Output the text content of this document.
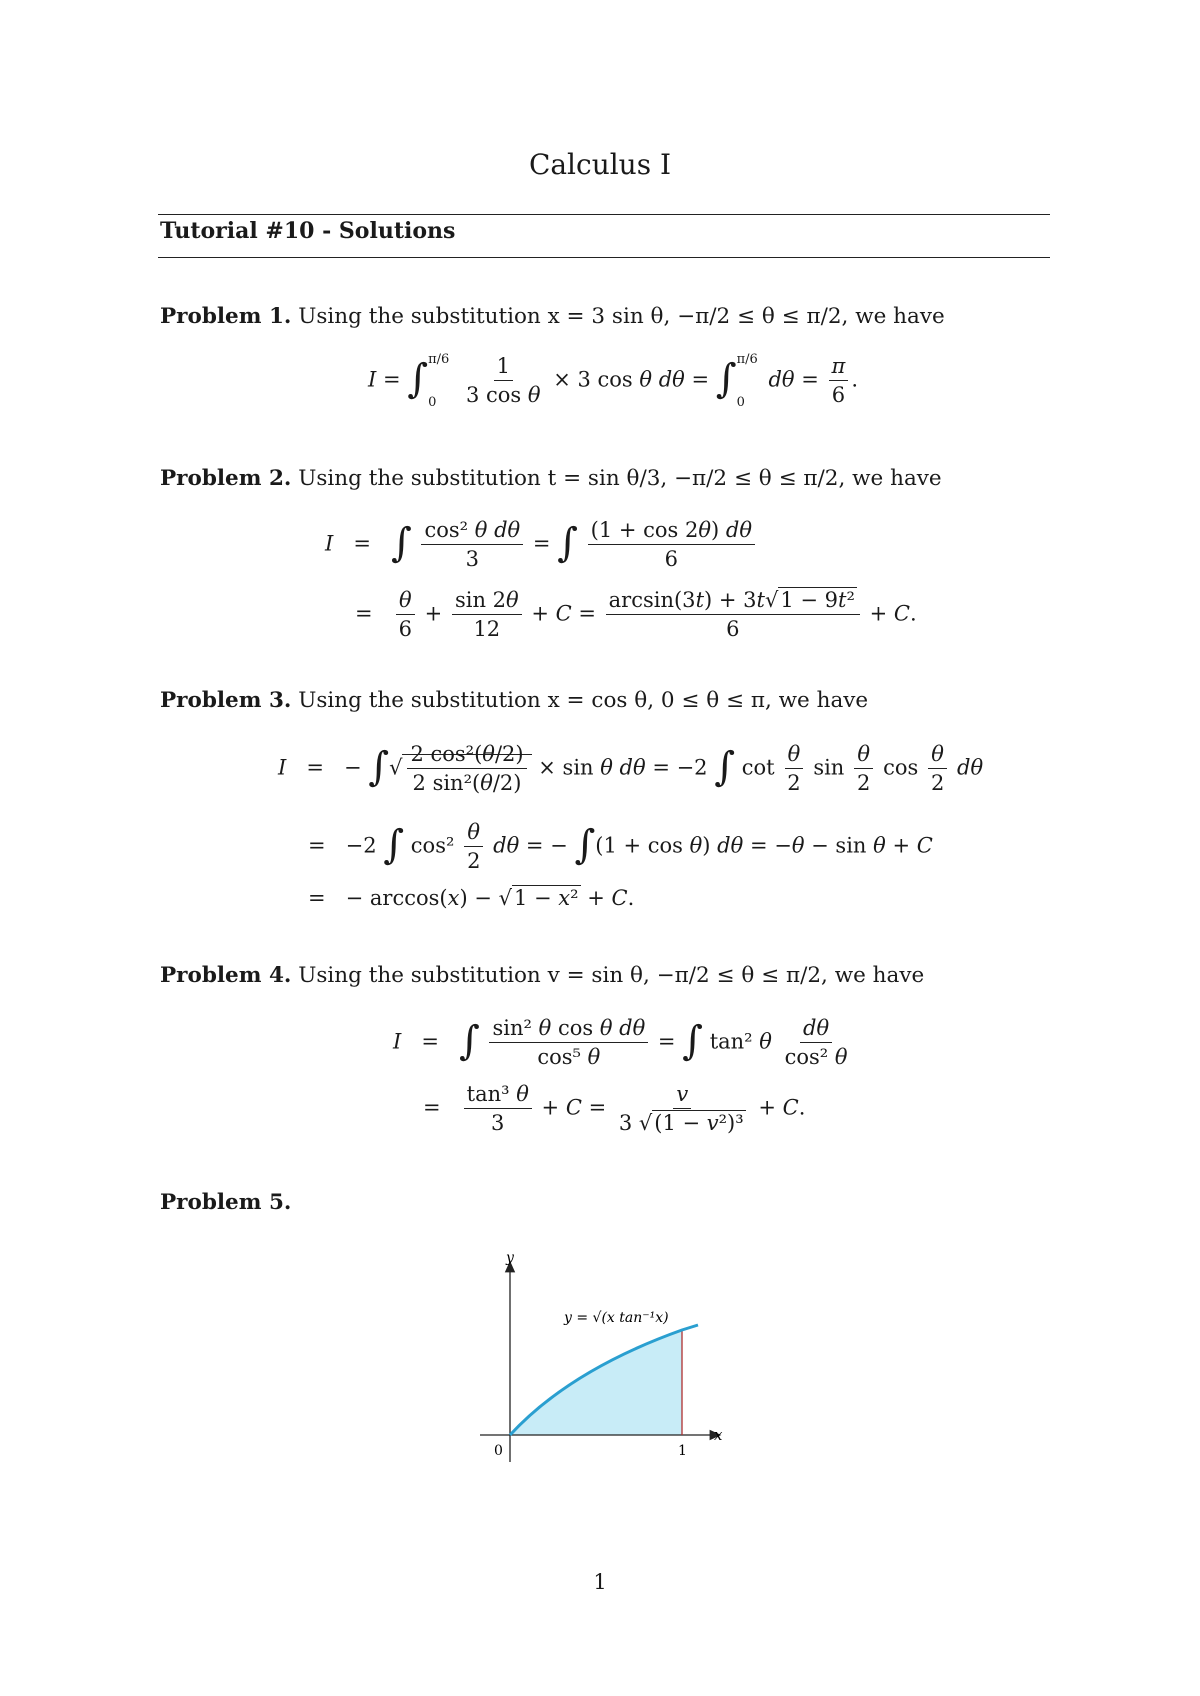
Calculus I
Tutorial #10 - Solutions
Problem 1. Using the substitution x = 3 sin θ, −π/2 ≤ θ ≤ π/2, we have
I = ∫ π/6
0
	$\frac{1}{\text{3 cos θ}} \times 3$ cos θ dθ = ∫ π/6
0
$d\theta = \frac{\pi}{6}$ .
Problem 2. Using the substitution t = sin θ/3, −π/2 ≤ θ ≤ π/2, we have
I   =   ∫ $\frac{\text{cos² θ dθ}}{3}$ = ∫ $\frac{(1 + \cos 2\theta) d\theta}{6}$
= $\frac{\theta}{6} + \frac{\sin 2\theta}{12} + C = \frac{\text{arcsin(3t) + 3t√1 − 9t²}}{6} + C$.
Problem 3. Using the substitution x = cos θ, 0 ≤ θ ≤ π, we have
I   =   − ∫√ $\frac{\text{2 cos²(θ/2)}}{\text{2 sin²(θ/2)}} \times \sin \theta$ dθ = −2 ∫ $\cot \frac{\theta}{2}$ $\sin \frac{\theta}{2}$ $\cos \frac{\theta}{2}$ dθ
=   −2 ∫ $\cos^2 \frac{\theta}{2}$ dθ = − ∫(1 + cos θ) dθ = −θ − sin θ + C
=   − arccos(x) − √1 − x² + C.
Problem 4. Using the substitution v = sin θ, −π/2 ≤ θ ≤ π/2, we have
I   =   ∫ $\frac{\text{sin² θ cos θ dθ}}{\text{cos⁵ θ}}$ = ∫ tan² θ $\frac{d\theta}{\text{cos² θ}}$
= $\frac{\text{tan³ θ}}{3} + C = \frac{v}{\text{3 √(1 − v²)³}} + C$.
Problem 5.
y
x
0	1
y = √(x tan⁻¹x)
1
